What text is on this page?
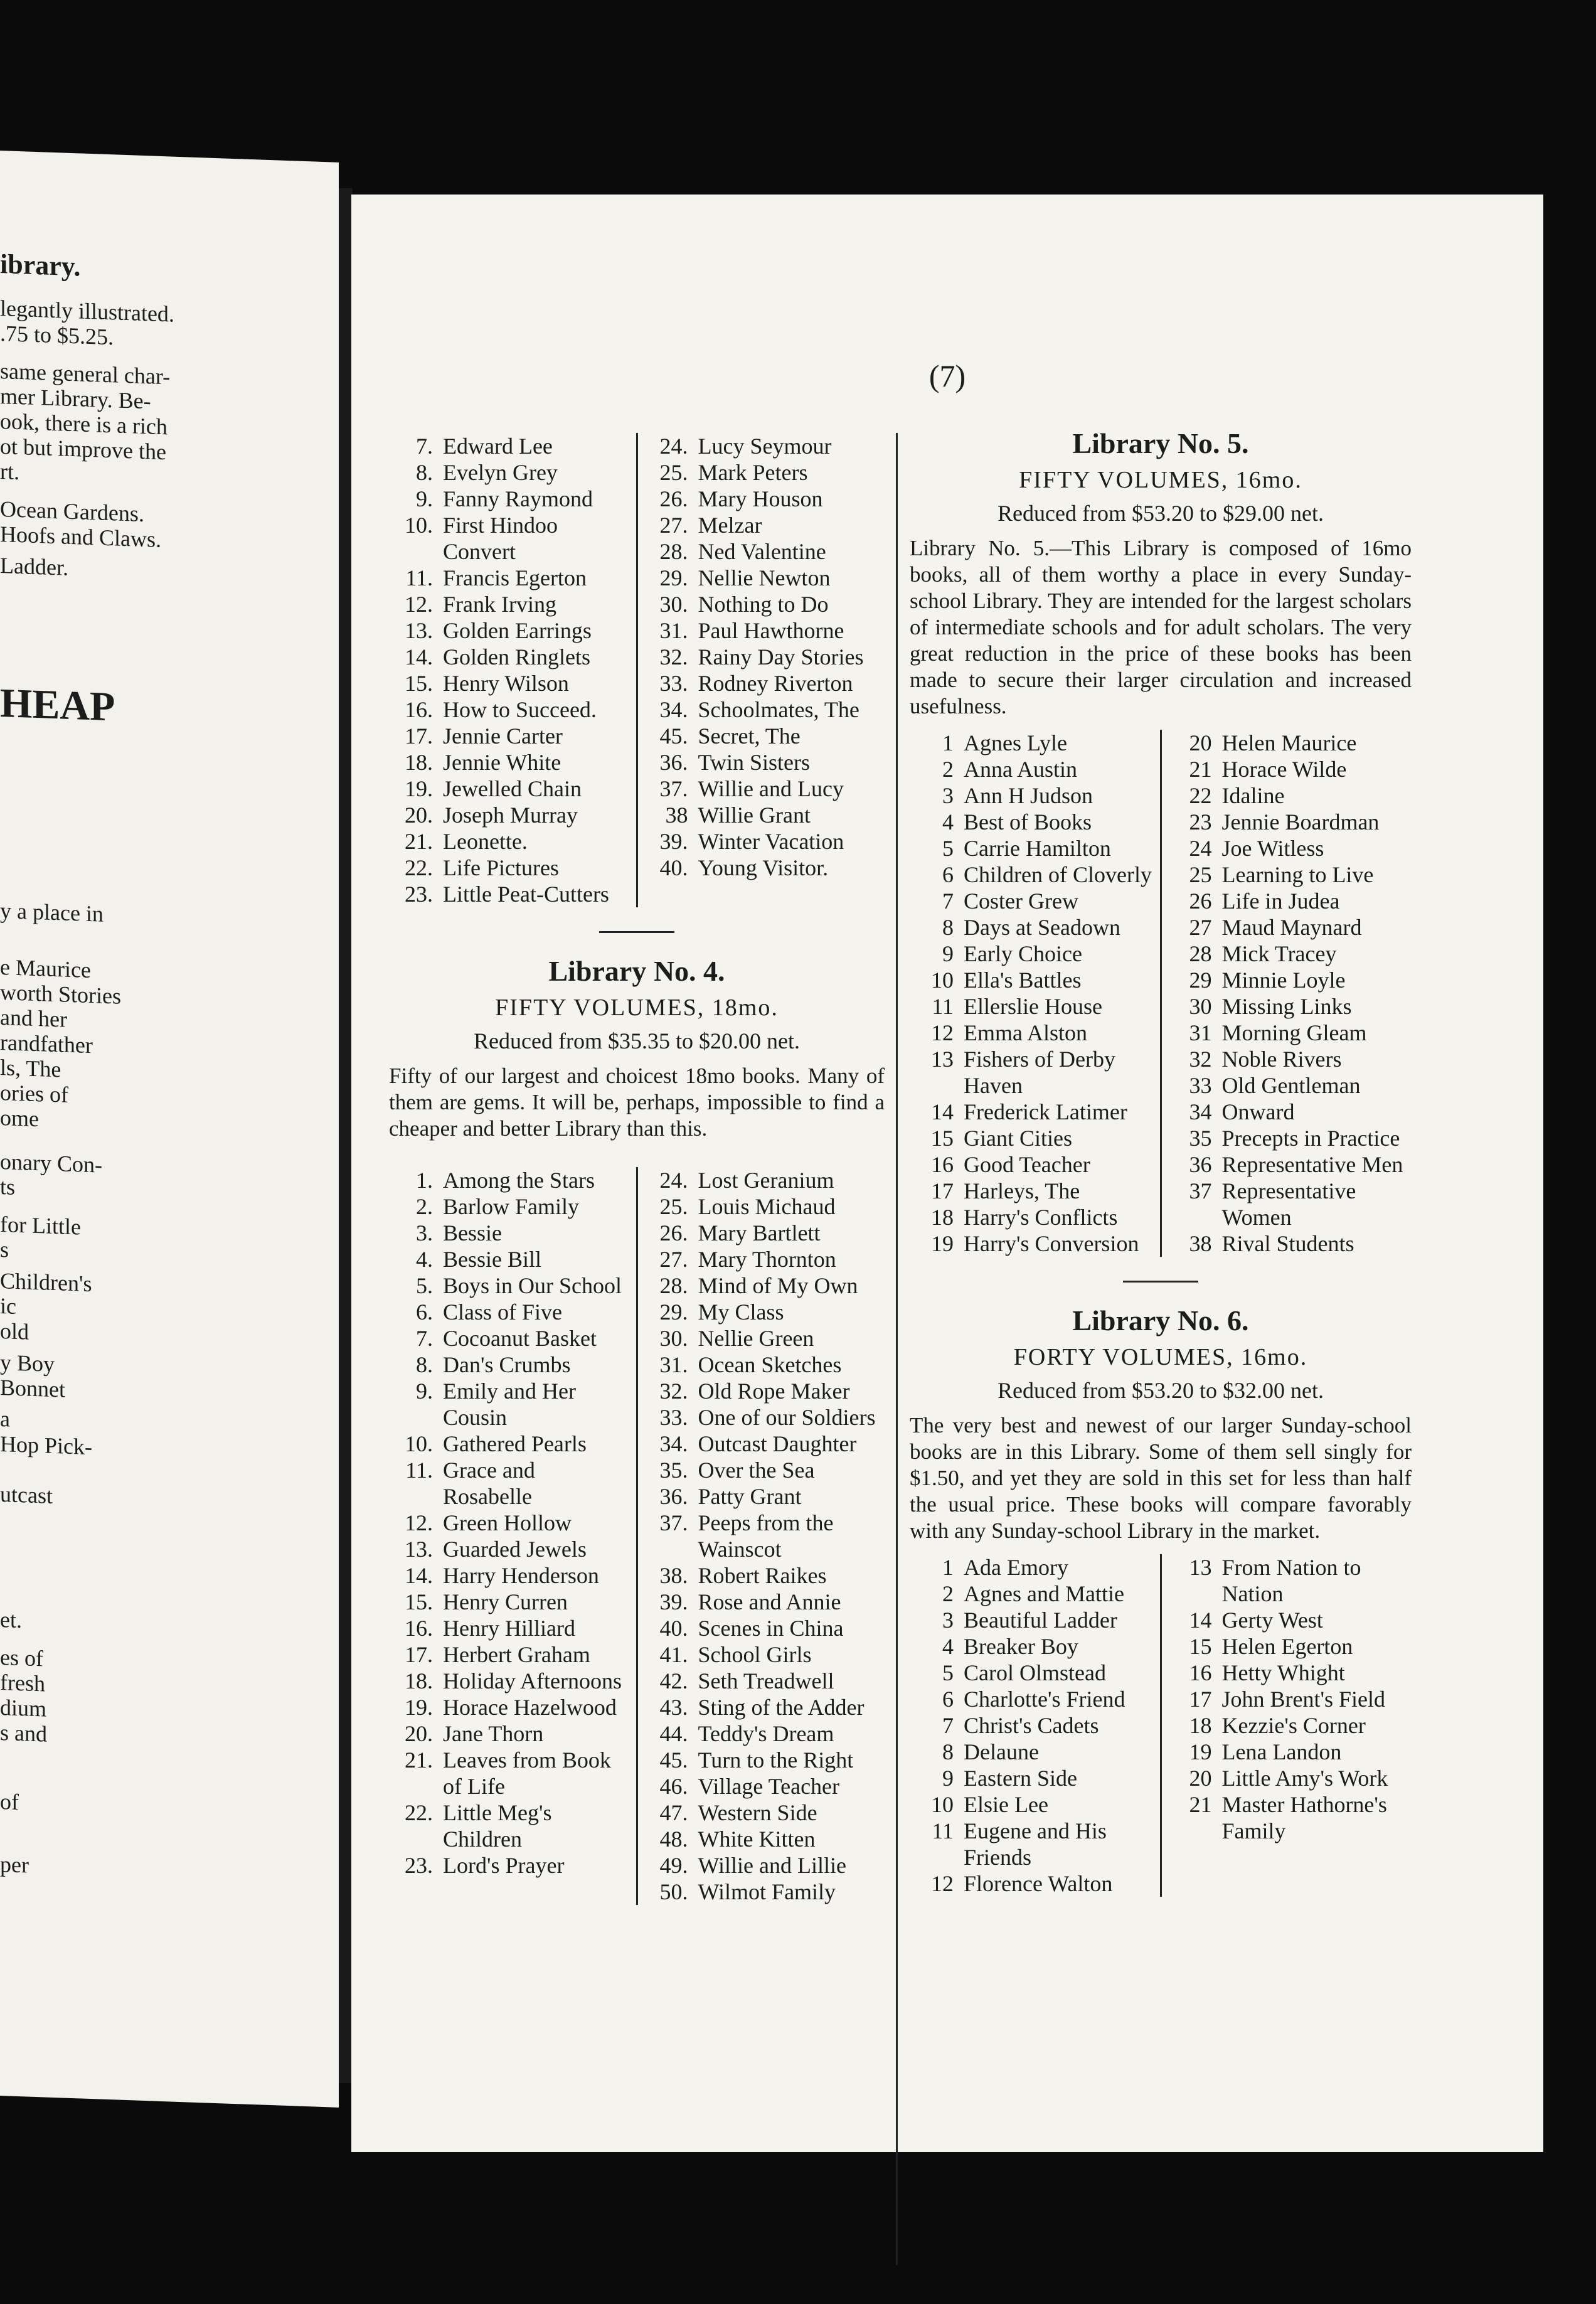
ibrary.
legantly illustrated.
.75 to $5.25.
same general char-
mer Library. Be-
ook, there is a rich
ot but improve the
rt.
Ocean Gardens.
Hoofs and Claws.
Ladder.
HEAP
y a place in
e Maurice
worth Stories
and her
randfather
ls, The
ories of
ome
onary Con-
ts
for Little
s
Children's
ic
old
y Boy
Bonnet
a
Hop Pick-
utcast
et.
es of
fresh
dium
s and
of
per
(7)
7. Edward Lee
8. Evelyn Grey
9. Fanny Raymond
10. First Hindoo Convert
11. Francis Egerton
12. Frank Irving
13. Golden Earrings
14. Golden Ringlets
15. Henry Wilson
16. How to Succeed.
17. Jennie Carter
18. Jennie White
19. Jewelled Chain
20. Joseph Murray
21. Leonette.
22. Life Pictures
23. Little Peat-Cutters
24. Lucy Seymour
25. Mark Peters
26. Mary Houson
27. Melzar
28. Ned Valentine
29. Nellie Newton
30. Nothing to Do
31. Paul Hawthorne
32. Rainy Day Stories
33. Rodney Riverton
34. Schoolmates, The
45. Secret, The
36. Twin Sisters
37. Willie and Lucy
38 Willie Grant
39. Winter Vacation
40. Young Visitor.
Library No. 4.
FIFTY VOLUMES, 18mo.
Reduced from $35.35 to $20.00 net.

Fifty of our largest and choicest 18mo books. Many of them are gems. It will be, perhaps, impossible to find a cheaper and better Library than this.

1. Among the Stars
2. Barlow Family
3. Bessie
4. Bessie Bill
5. Boys in Our School
6. Class of Five
7. Cocoanut Basket
8. Dan's Crumbs
9. Emily and Her Cousin
10. Gathered Pearls
11. Grace and Rosabelle
12. Green Hollow
13. Guarded Jewels
14. Harry Henderson
15. Henry Curren
16. Henry Hilliard
17. Herbert Graham
18. Holiday Afternoons
19. Horace Hazelwood
20. Jane Thorn
21. Leaves from Book of Life
22. Little Meg's Children
23. Lord's Prayer
24. Lost Geranium
25. Louis Michaud
26. Mary Bartlett
27. Mary Thornton
28. Mind of My Own
29. My Class
30. Nellie Green
31. Ocean Sketches
32. Old Rope Maker
33. One of our Soldiers
34. Outcast Daughter
35. Over the Sea
36. Patty Grant
37. Peeps from the Wainscot
38. Robert Raikes
39. Rose and Annie
40. Scenes in China
41. School Girls
42. Seth Treadwell
43. Sting of the Adder
44. Teddy's Dream
45. Turn to the Right
46. Village Teacher
47. Western Side
48. White Kitten
49. Willie and Lillie
50. Wilmot Family
Library No. 5.
FIFTY VOLUMES, 16mo.
Reduced from $53.20 to $29.00 net.

Library No. 5.—This Library is composed of 16mo books, all of them worthy a place in every Sunday-school Library. They are intended for the largest scholars of intermediate schools and for adult scholars. The very great reduction in the price of these books has been made to secure their larger circulation and increased usefulness.

1 Agnes Lyle
2 Anna Austin
3 Ann H Judson
4 Best of Books
5 Carrie Hamilton
6 Children of Cloverly
7 Coster Grew
8 Days at Seadown
9 Early Choice
10 Ella's Battles
11 Ellerslie House
12 Emma Alston
13 Fishers of Derby Haven
14 Frederick Latimer
15 Giant Cities
16 Good Teacher
17 Harleys, The
18 Harry's Conflicts
19 Harry's Conversion
20 Helen Maurice
21 Horace Wilde
22 Idaline
23 Jennie Boardman
24 Joe Witless
25 Learning to Live
26 Life in Judea
27 Maud Maynard
28 Mick Tracey
29 Minnie Loyle
30 Missing Links
31 Morning Gleam
32 Noble Rivers
33 Old Gentleman
34 Onward
35 Precepts in Practice
36 Representative Men
37 Representative Women
38 Rival Students
Library No. 6.
FORTY VOLUMES, 16mo.
Reduced from $53.20 to $32.00 net.

The very best and newest of our larger Sunday-school books are in this Library. Some of them sell singly for $1.50, and yet they are sold in this set for less than half the usual price. These books will compare favorably with any Sunday-school Library in the market.

1 Ada Emory
2 Agnes and Mattie
3 Beautiful Ladder
4 Breaker Boy
5 Carol Olmstead
6 Charlotte's Friend
7 Christ's Cadets
8 Delaune
9 Eastern Side
10 Elsie Lee
11 Eugene and His Friends
12 Florence Walton
13 From Nation to Nation
14 Gerty West
15 Helen Egerton
16 Hetty Whight
17 John Brent's Field
18 Kezzie's Corner
19 Lena Landon
20 Little Amy's Work
21 Master Hathorne's Family
